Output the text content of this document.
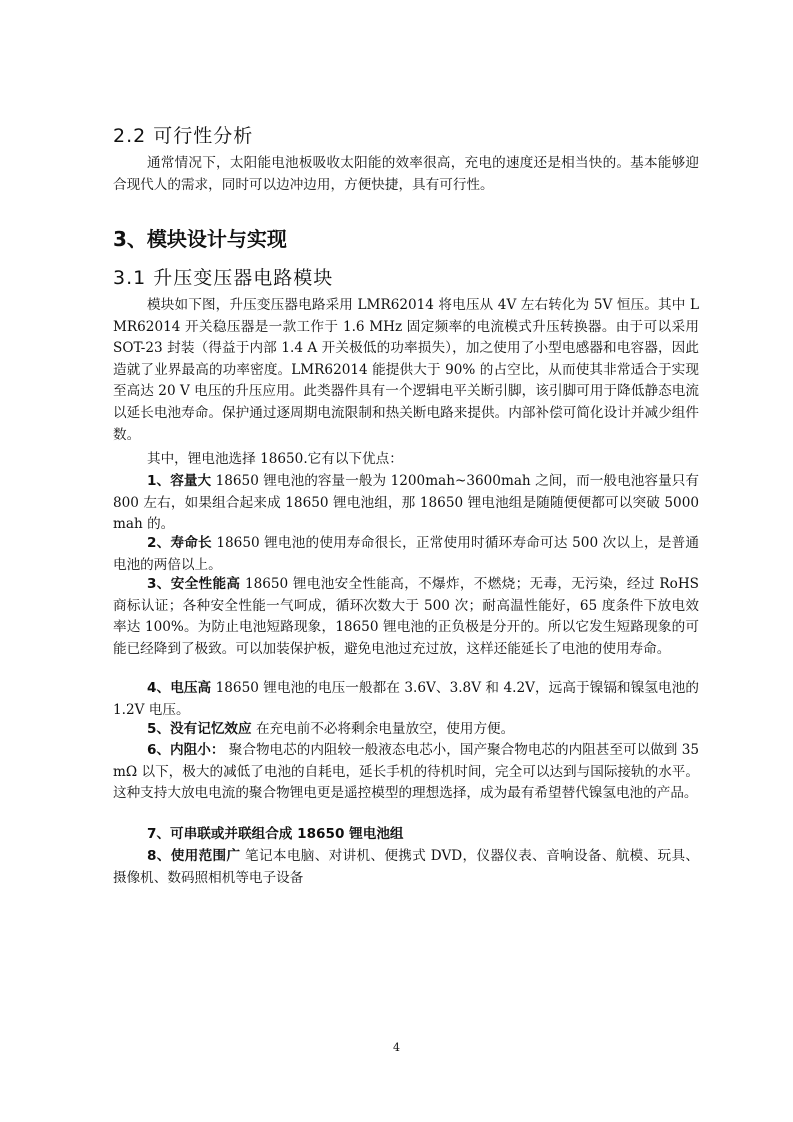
2.2 可行性分析

通常情况下，太阳能电池板吸收太阳能的效率很高，充电的速度还是相当快的。基本能够迎合现代人的需求，同时可以边冲边用，方便快捷，具有可行性。

3、模块设计与实现
3.1 升压变压器电路模块

模块如下图，升压变压器电路采用 LMR62014 将电压从 4V 左右转化为 5V 恒压。其中 LMR62014 开关稳压器是一款工作于 1.6 MHz 固定频率的电流模式升压转换器。由于可以采用 SOT-23 封装（得益于内部 1.4 A 开关极低的功率损失），加之使用了小型电感器和电容器，因此造就了业界最高的功率密度。LMR62014 能提供大于 90% 的占空比，从而使其非常适合于实现至高达 20 V 电压的升压应用。此类器件具有一个逻辑电平关断引脚，该引脚可用于降低静态电流以延长电池寿命。保护通过逐周期电流限制和热关断电路来提供。内部补偿可简化设计并减少组件数。

其中，锂电池选择 18650.它有以下优点：

1、容量大 18650 锂电池的容量一般为 1200mah~3600mah 之间，而一般电池容量只有 800 左右，如果组合起来成 18650 锂电池组，那 18650 锂电池组是随随便便都可以突破 5000mah 的。

2、寿命长 18650 锂电池的使用寿命很长，正常使用时循环寿命可达 500 次以上，是普通电池的两倍以上。

3、安全性能高 18650 锂电池安全性能高，不爆炸，不燃烧；无毒，无污染，经过 RoHS 商标认证；各种安全性能一气呵成，循环次数大于 500 次；耐高温性能好，65 度条件下放电效率达 100%。为防止电池短路现象，18650 锂电池的正负极是分开的。所以它发生短路现象的可能已经降到了极致。可以加装保护板，避免电池过充过放，这样还能延长了电池的使用寿命。

4、电压高 18650 锂电池的电压一般都在 3.6V、3.8V 和 4.2V，远高于镍镉和镍氢电池的 1.2V 电压。

5、没有记忆效应 在充电前不必将剩余电量放空，使用方便。

6、内阻小： 聚合物电芯的内阻较一般液态电芯小，国产聚合物电芯的内阻甚至可以做到 35mΩ 以下，极大的减低了电池的自耗电，延长手机的待机时间，完全可以达到与国际接轨的水平。这种支持大放电电流的聚合物锂电更是遥控模型的理想选择，成为最有希望替代镍氢电池的产品。

7、可串联或并联组合成 18650 锂电池组

8、使用范围广 笔记本电脑、对讲机、便携式 DVD，仪器仪表、音响设备、航模、玩具、摄像机、数码照相机等电子设备

4
